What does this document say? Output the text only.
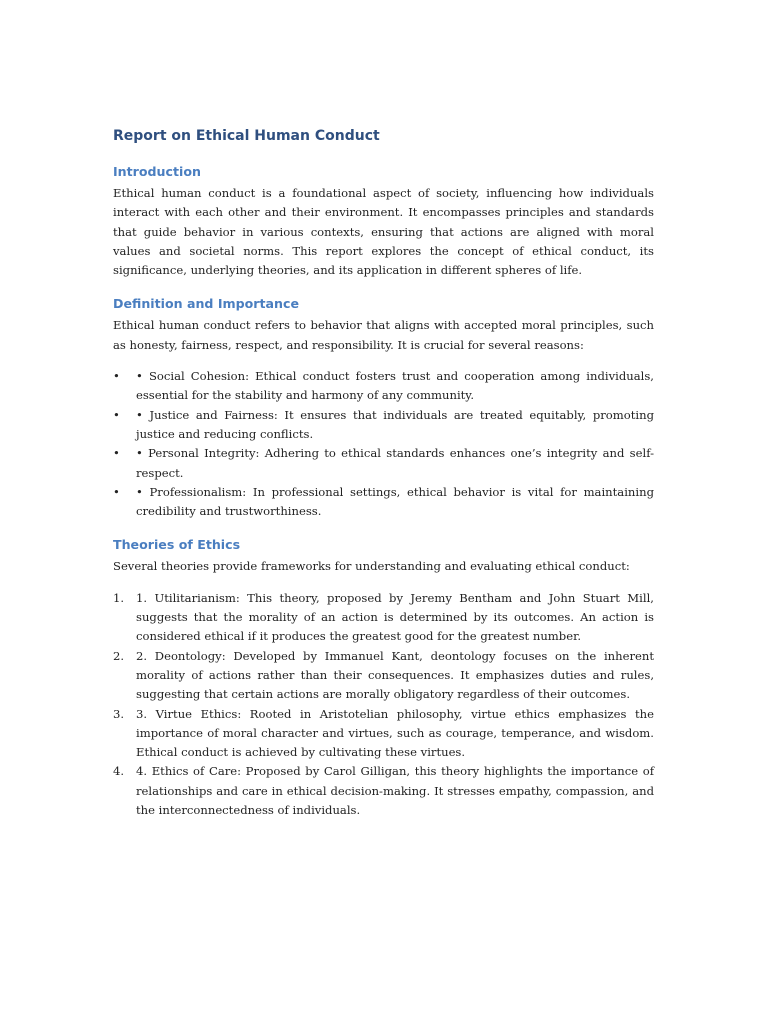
Report on Ethical Human Conduct
Introduction

Ethical human conduct is a foundational aspect of society, influencing how individuals interact with each other and their environment. It encompasses principles and standards that guide behavior in various contexts, ensuring that actions are aligned with moral values and societal norms. This report explores the concept of ethical conduct, its significance, underlying theories, and its application in different spheres of life.

Definition and Importance

Ethical human conduct refers to behavior that aligns with accepted moral principles, such as honesty, fairness, respect, and responsibility. It is crucial for several reasons:

• • Social Cohesion: Ethical conduct fosters trust and cooperation among individuals, essential for the stability and harmony of any community.
• • Justice and Fairness: It ensures that individuals are treated equitably, promoting justice and reducing conflicts.
• • Personal Integrity: Adhering to ethical standards enhances one’s integrity and self-respect.
• • Professionalism: In professional settings, ethical behavior is vital for maintaining credibility and trustworthiness.
Theories of Ethics

Several theories provide frameworks for understanding and evaluating ethical conduct:

1. 1. Utilitarianism: This theory, proposed by Jeremy Bentham and John Stuart Mill, suggests that the morality of an action is determined by its outcomes. An action is considered ethical if it produces the greatest good for the greatest number.
2. 2. Deontology: Developed by Immanuel Kant, deontology focuses on the inherent morality of actions rather than their consequences. It emphasizes duties and rules, suggesting that certain actions are morally obligatory regardless of their outcomes.
3. 3. Virtue Ethics: Rooted in Aristotelian philosophy, virtue ethics emphasizes the importance of moral character and virtues, such as courage, temperance, and wisdom. Ethical conduct is achieved by cultivating these virtues.
4. 4. Ethics of Care: Proposed by Carol Gilligan, this theory highlights the importance of relationships and care in ethical decision-making. It stresses empathy, compassion, and the interconnectedness of individuals.
